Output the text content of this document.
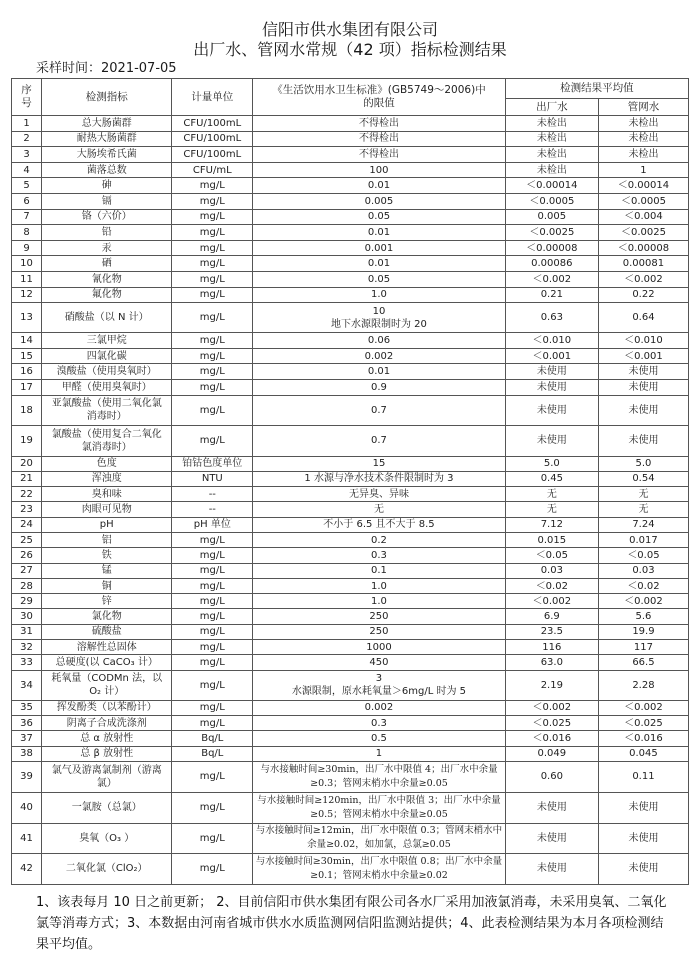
信阳市供水集团有限公司
出厂水、管网水常规（42 项）指标检测结果
采样时间：2021-07-05
序号	检测指标	计量单位	《生活饮用水卫生标准》(GB5749～2006)中的限值	检测结果平均值	
				出厂水	管网水
1	总大肠菌群	CFU/100mL	不得检出	未检出	未检出
2	耐热大肠菌群	CFU/100mL	不得检出	未检出	未检出
3	大肠埃希氏菌	CFU/100mL	不得检出	未检出	未检出
4	菌落总数	CFU/mL	100	未检出	1
5	砷	mg/L	0.01	＜0.00014	＜0.00014
6	镉	mg/L	0.005	＜0.0005	＜0.0005
7	铬（六价）	mg/L	0.05	0.005	＜0.004
8	铅	mg/L	0.01	＜0.0025	＜0.0025
9	汞	mg/L	0.001	＜0.00008	＜0.00008
10	硒	mg/L	0.01	0.00086	0.00081
11	氰化物	mg/L	0.05	＜0.002	＜0.002
12	氟化物	mg/L	1.0	0.21	0.22
13	硝酸盐（以 N 计）	mg/L	10
地下水源限制时为 20	0.63	0.64
14	三氯甲烷	mg/L	0.06	＜0.010	＜0.010
15	四氯化碳	mg/L	0.002	＜0.001	＜0.001
16	溴酸盐（使用臭氧时）	mg/L	0.01	未使用	未使用
17	甲醛（使用臭氧时）	mg/L	0.9	未使用	未使用
18	亚氯酸盐（使用二氧化氯消毒时）	mg/L	0.7	未使用	未使用
19	氯酸盐（使用复合二氧化氯消毒时）	mg/L	0.7	未使用	未使用
20	色度	铂钴色度单位	15	5.0	5.0
21	浑浊度	NTU	1 水源与净水技术条件限制时为 3	0.45	0.54
22	臭和味	--	无异臭、异味	无	无
23	肉眼可见物	--	无	无	无
24	pH	pH 单位	不小于 6.5 且不大于 8.5	7.12	7.24
25	铝	mg/L	0.2	0.015	0.017
26	铁	mg/L	0.3	＜0.05	＜0.05
27	锰	mg/L	0.1	0.03	0.03
28	铜	mg/L	1.0	＜0.02	＜0.02
29	锌	mg/L	1.0	＜0.002	＜0.002
30	氯化物	mg/L	250	6.9	5.6
31	硫酸盐	mg/L	250	23.5	19.9
32	溶解性总固体	mg/L	1000	116	117
33	总硬度(以 CaCO₃ 计）	mg/L	450	63.0	66.5
34	耗氧量（CODMn 法，以 O₂ 计）	mg/L	3
水源限制，原水耗氧量＞6mg/L 时为 5	2.19	2.28
35	挥发酚类（以苯酚计）	mg/L	0.002	＜0.002	＜0.002
36	阴离子合成洗涤剂	mg/L	0.3	＜0.025	＜0.025
37	总 α 放射性	Bq/L	0.5	＜0.016	＜0.016
38	总 β 放射性	Bq/L	1	0.049	0.045
39	氯气及游离氯制剂（游离氯）	mg/L	与水接触时间≥30min，出厂水中限值 4；出厂水中余量≥0.3；管网末梢水中余量≥0.05	0.60	0.11
40	一氯胺（总氯）	mg/L	与水接触时间≥120min，出厂水中限值 3；出厂水中余量≥0.5；管网末梢水中余量≥0.05	未使用	未使用
41	臭氧（O₃ ）	mg/L	与水接触时间≥12min，出厂水中限值 0.3；管网末梢水中余量≥0.02，如加氯，总氯≥0.05	未使用	未使用
42	二氧化氯（ClO₂）	mg/L	与水接触时间≥30min，出厂水中限值 0.8；出厂水中余量≥0.1；管网末梢水中余量≥0.02	未使用	未使用
1、该表每月 10 日之前更新； 2、目前信阳市供水集团有限公司各水厂采用加液氯消毒，未采用臭氧、二氧化氯等消毒方式；3、本数据由河南省城市供水水质监测网信阳监测站提供；4、此表检测结果为本月各项检测结果平均值。
